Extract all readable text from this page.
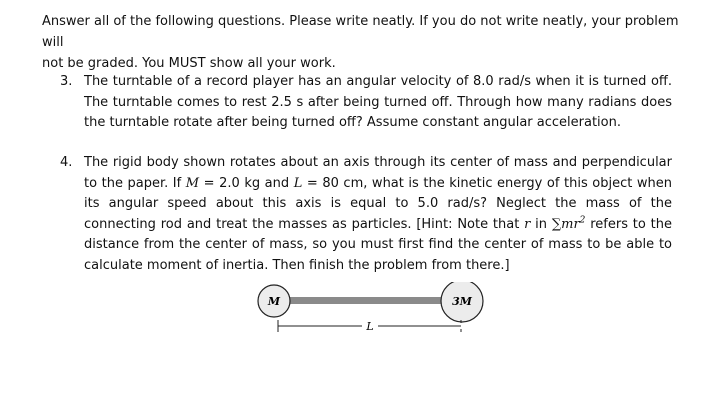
Answer all of the following questions. Please write neatly. If you do not write neatly, your problem will
not be graded. You MUST show all your work.
3. The turntable of a record player has an angular velocity of 8.0 rad/s when it is turned off. The turntable comes to rest 2.5 s after being turned off. Through how many radians does the turntable rotate after being turned off? Assume constant angular acceleration.
4. The rigid body shown rotates about an axis through its center of mass and perpendicular to the paper. If M = 2.0 kg and L = 80 cm, what is the kinetic energy of this object when its angular speed about this axis is equal to 5.0 rad/s? Neglect the mass of the connecting rod and treat the masses as particles. [Hint: Note that r in $\sum mr^2$ refers to the distance from the center of mass, so you must first find the center of mass to be able to calculate moment of inertia. Then finish the problem from there.]
M	3M
L
